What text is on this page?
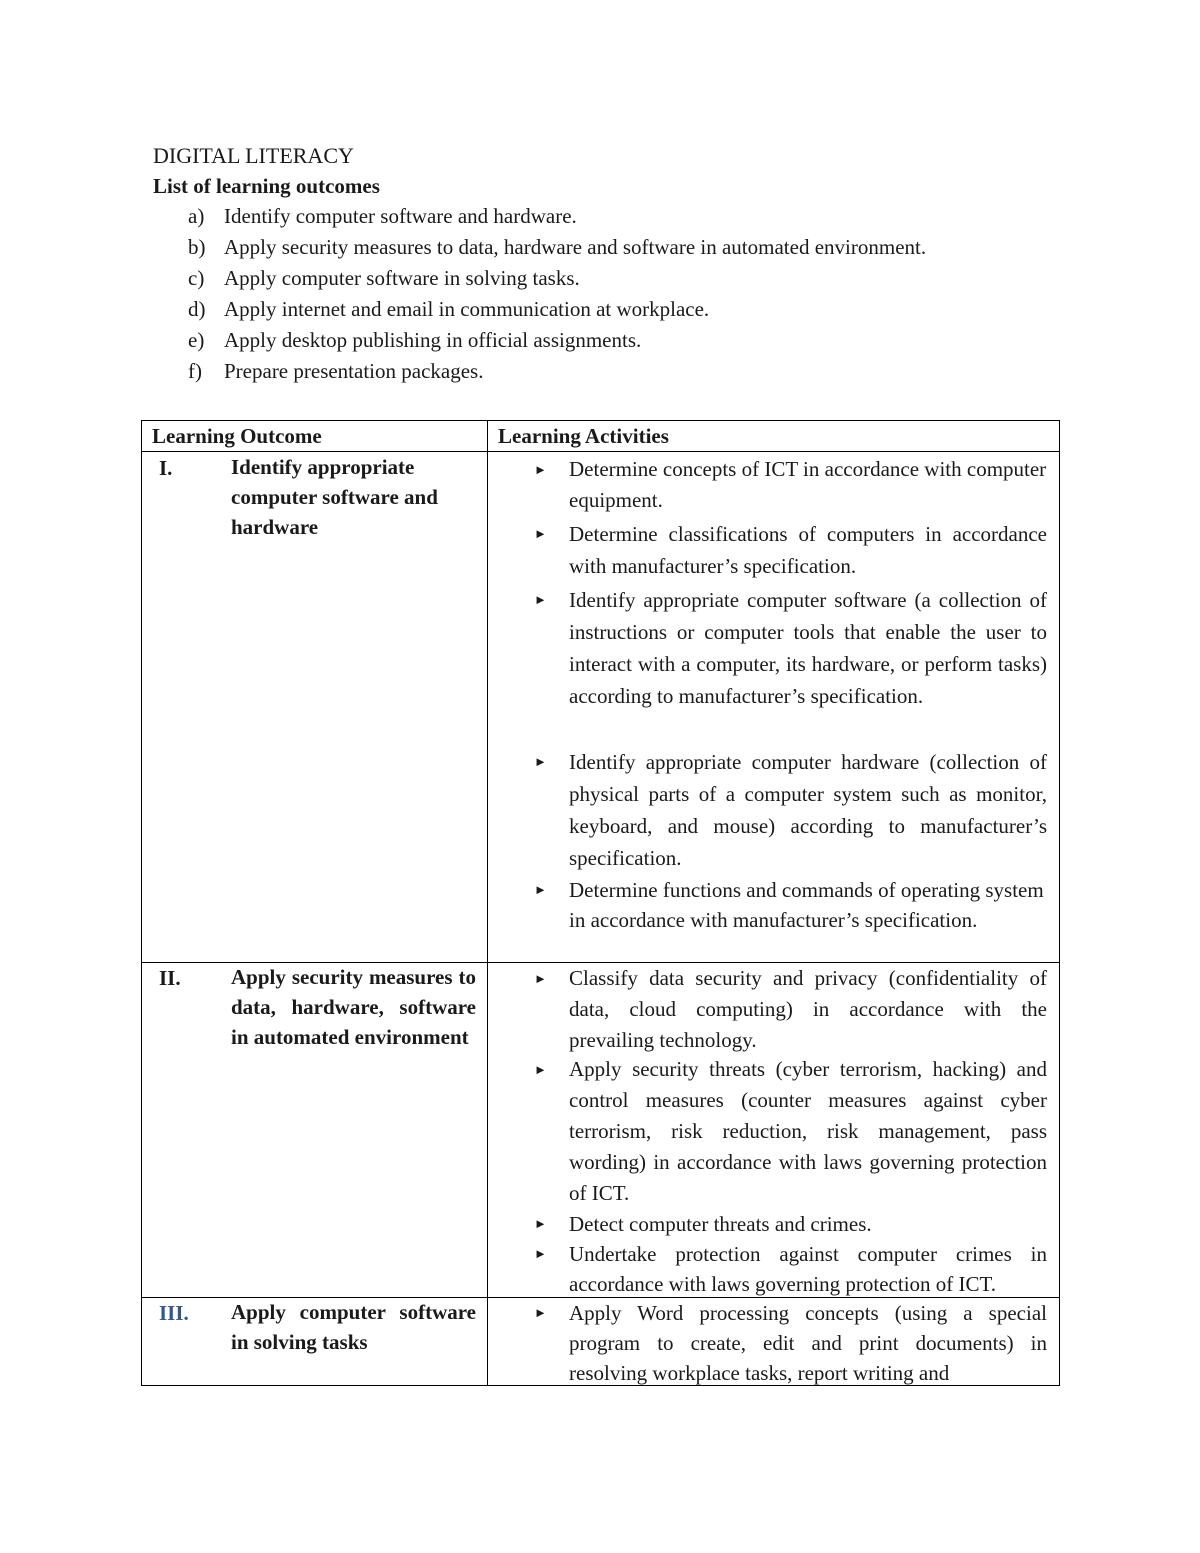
DIGITAL LITERACY
List of learning outcomes
a) Identify computer software and hardware.
b) Apply security measures to data, hardware and software in automated environment.
c) Apply computer software in solving tasks.
d) Apply internet and email in communication at workplace.
e) Apply desktop publishing in official assignments.
f) Prepare presentation packages.
Learning Outcome	Learning Activities
I.	Identify appropriate computer software and hardware
► Determine concepts of ICT in accordance with computer equipment.
► Determine classifications of computers in accordance with manufacturer’s specification.
► Identify appropriate computer software (a collection of instructions or computer tools that enable the user to interact with a computer, its hardware, or perform tasks) according to manufacturer’s specification.
► Identify appropriate computer hardware (collection of physical parts of a computer system such as monitor, keyboard, and mouse) according to manufacturer’s specification.
► Determine functions and commands of operating system in accordance with manufacturer’s specification.
II. Apply security measures to data, hardware, software in automated environment
► Classify data security and privacy (confidentiality of data, cloud computing) in accordance with the prevailing technology.
► Apply security threats (cyber terrorism, hacking) and control measures (counter measures against cyber terrorism, risk reduction, risk management, pass wording) in accordance with laws governing protection of ICT.
► Detect computer threats and crimes.
► Undertake protection against computer crimes in accordance with laws governing protection of ICT.
III. Apply computer software in solving tasks
► Apply Word processing concepts (using a special program to create, edit and print documents) in resolving workplace tasks, report writing and
